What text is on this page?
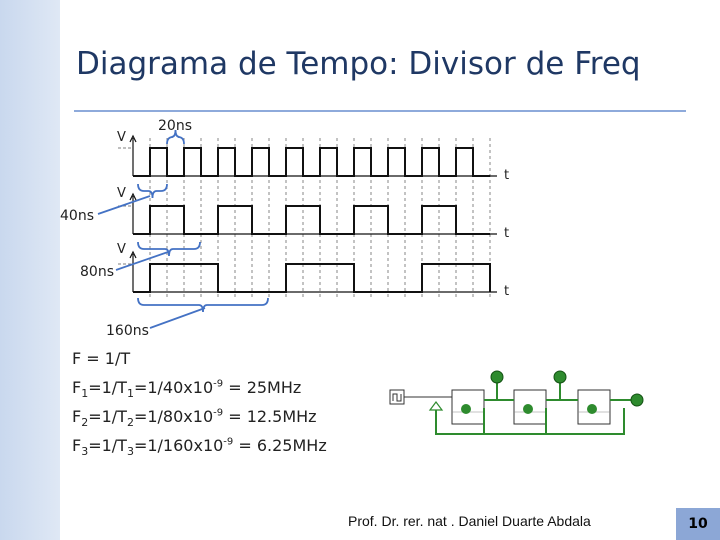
Diagrama de Tempo: Divisor de Freq
V
V
V
t
t
t
20ns
40ns
80ns
160ns
F = 1/T
$F_1=1/T_1=1/40x10^{-9} = 25MHz$
$F_2=1/T_2=1/80x10^{-9} = 12.5MHz$
$F_3=1/T_3=1/160x10^{-9} = 6.25MHz$
Prof. Dr. rer. nat . Daniel Duarte Abdala	10
